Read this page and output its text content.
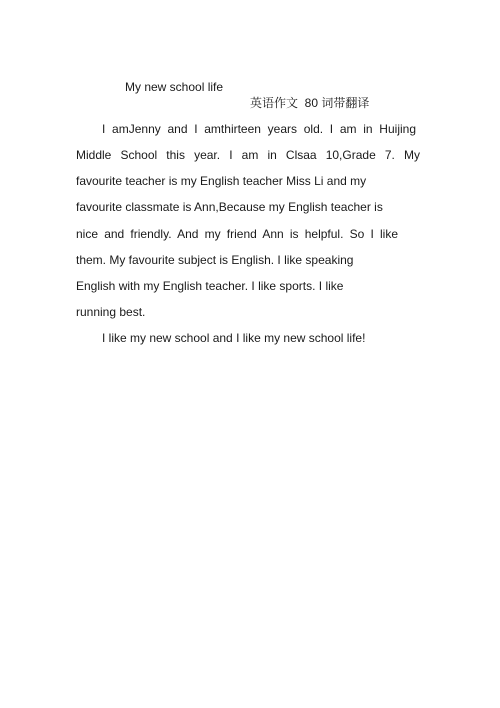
My new school life

英语作文  80 词带翻译

I amJenny and I amthirteen years old. I am in Huijing
Middle School this year. I am in Clsaa 10,Grade 7. My
favourite teacher is my English teacher Miss Li and my
favourite classmate is Ann,Because my English teacher is
nice and friendly. And my friend Ann is helpful. So I like
them. My favourite subject is English. I like speaking
English with my English teacher. I like sports. I like
running best.
I like my new school and I like my new school life!
